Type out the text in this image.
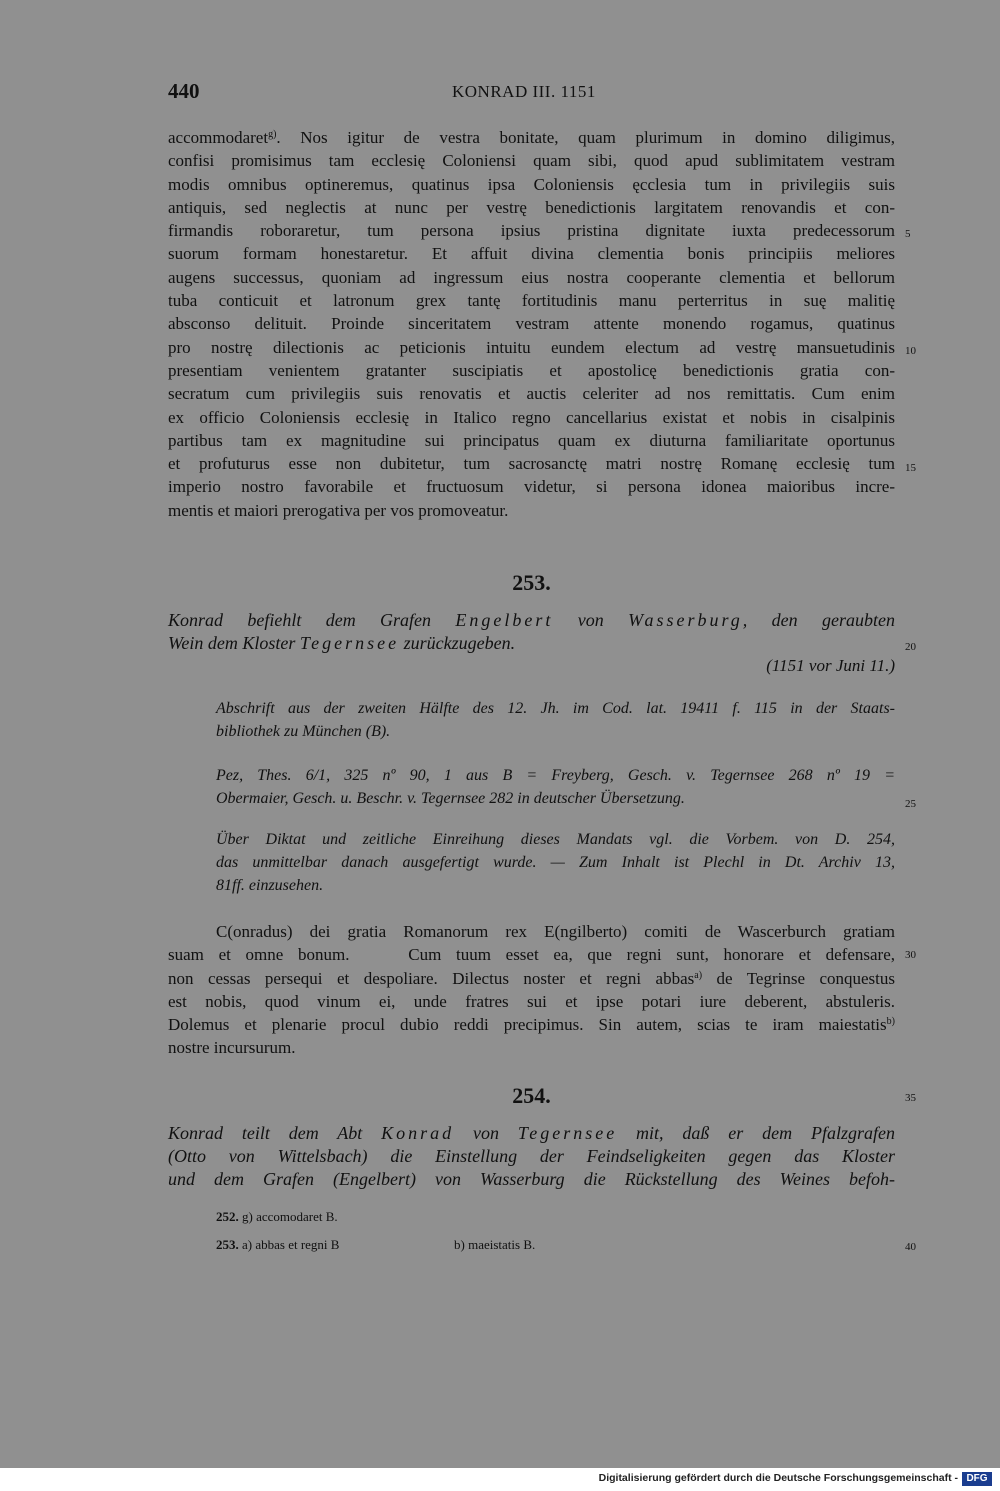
440	KONRAD III. 1151
accommodaret$^{g)}$. Nos igitur de vestra bonitate, quam plurimum in domino diligimus,
confisi promisimus tam ecclesię Coloniensi quam sibi, quod apud sublimitatem vestram
modis omnibus optineremus, quatinus ipsa Coloniensis ęcclesia tum in privilegiis suis
antiquis, sed neglectis at nunc per vestrę benedictionis largitatem renovandis et con-
firmandis roboraretur, tum persona ipsius pristina dignitate iuxta predecessorum
suorum formam honestaretur. Et affuit divina clementia bonis principiis meliores
augens successus, quoniam ad ingressum eius nostra cooperante clementia et bellorum
tuba conticuit et latronum grex tantę fortitudinis manu perterritus in suę malitię
absconso delituit. Proinde sinceritatem vestram attente monendo rogamus, quatinus
pro nostrę dilectionis ac peticionis intuitu eundem electum ad vestrę mansuetudinis
presentiam venientem gratanter suscipiatis et apostolicę benedictionis gratia con-
secratum cum privilegiis suis renovatis et auctis celeriter ad nos remittatis. Cum enim
ex officio Coloniensis ecclesię in Italico regno cancellarius existat et nobis in cisalpinis
partibus tam ex magnitudine sui principatus quam ex diuturna familiaritate oportunus
et profuturus esse non dubitetur, tum sacrosanctę matri nostrę Romanę ecclesię tum
imperio nostro favorabile et fructuosum videtur, si persona idonea maioribus incre-
mentis et maiori prerogativa per vos promoveatur.
253.
Konrad befiehlt dem Grafen Engelbert von Wasserburg, den geraubten
Wein dem Kloster Tegernsee zurückzugeben.
(1151 vor Juni 11.)
Abschrift aus der zweiten Hälfte des 12. Jh. im Cod. lat. 19411 f. 115 in der Staats-
bibliothek zu München (B).
Pez, Thes. 6/1, 325 nº 90, 1 aus B = Freyberg, Gesch. v. Tegernsee 268 nº 19 =
Obermaier, Gesch. u. Beschr. v. Tegernsee 282 in deutscher Übersetzung.
Über Diktat und zeitliche Einreihung dieses Mandats vgl. die Vorbem. von D. 254,
das unmittelbar danach ausgefertigt wurde. — Zum Inhalt ist Plechl in Dt. Archiv 13,
81ff. einzusehen.
C(onradus) dei gratia Romanorum rex E(ngilberto) comiti de Wascerburch gratiam
suam et omne bonum.    Cum tuum esset ea, que regni sunt, honorare et defensare,
non cessas persequi et despoliare. Dilectus noster et regni abbas$^{a)}$ de Tegrinse conquestus
est nobis, quod vinum ei, unde fratres sui et ipse potari iure deberent, abstuleris.
Dolemus et plenarie procul dubio reddi precipimus. Sin autem, scias te iram maiestatis$^{b)}$
nostre incursurum.
254.
Konrad teilt dem Abt Konrad von Tegernsee mit, daß er dem Pfalzgrafen
(Otto von Wittelsbach) die Einstellung der Feindseligkeiten gegen das Kloster
und dem Grafen (Engelbert) von Wasserburg die Rückstellung des Weines befoh-
252. g) accomodaret B.
253. a) abbas et regni B	b) maeistatis B.
5
10
15
20
25
30
35
40
Digitalisierung gefördert durch die Deutsche Forschungsgemeinschaft - DFG
